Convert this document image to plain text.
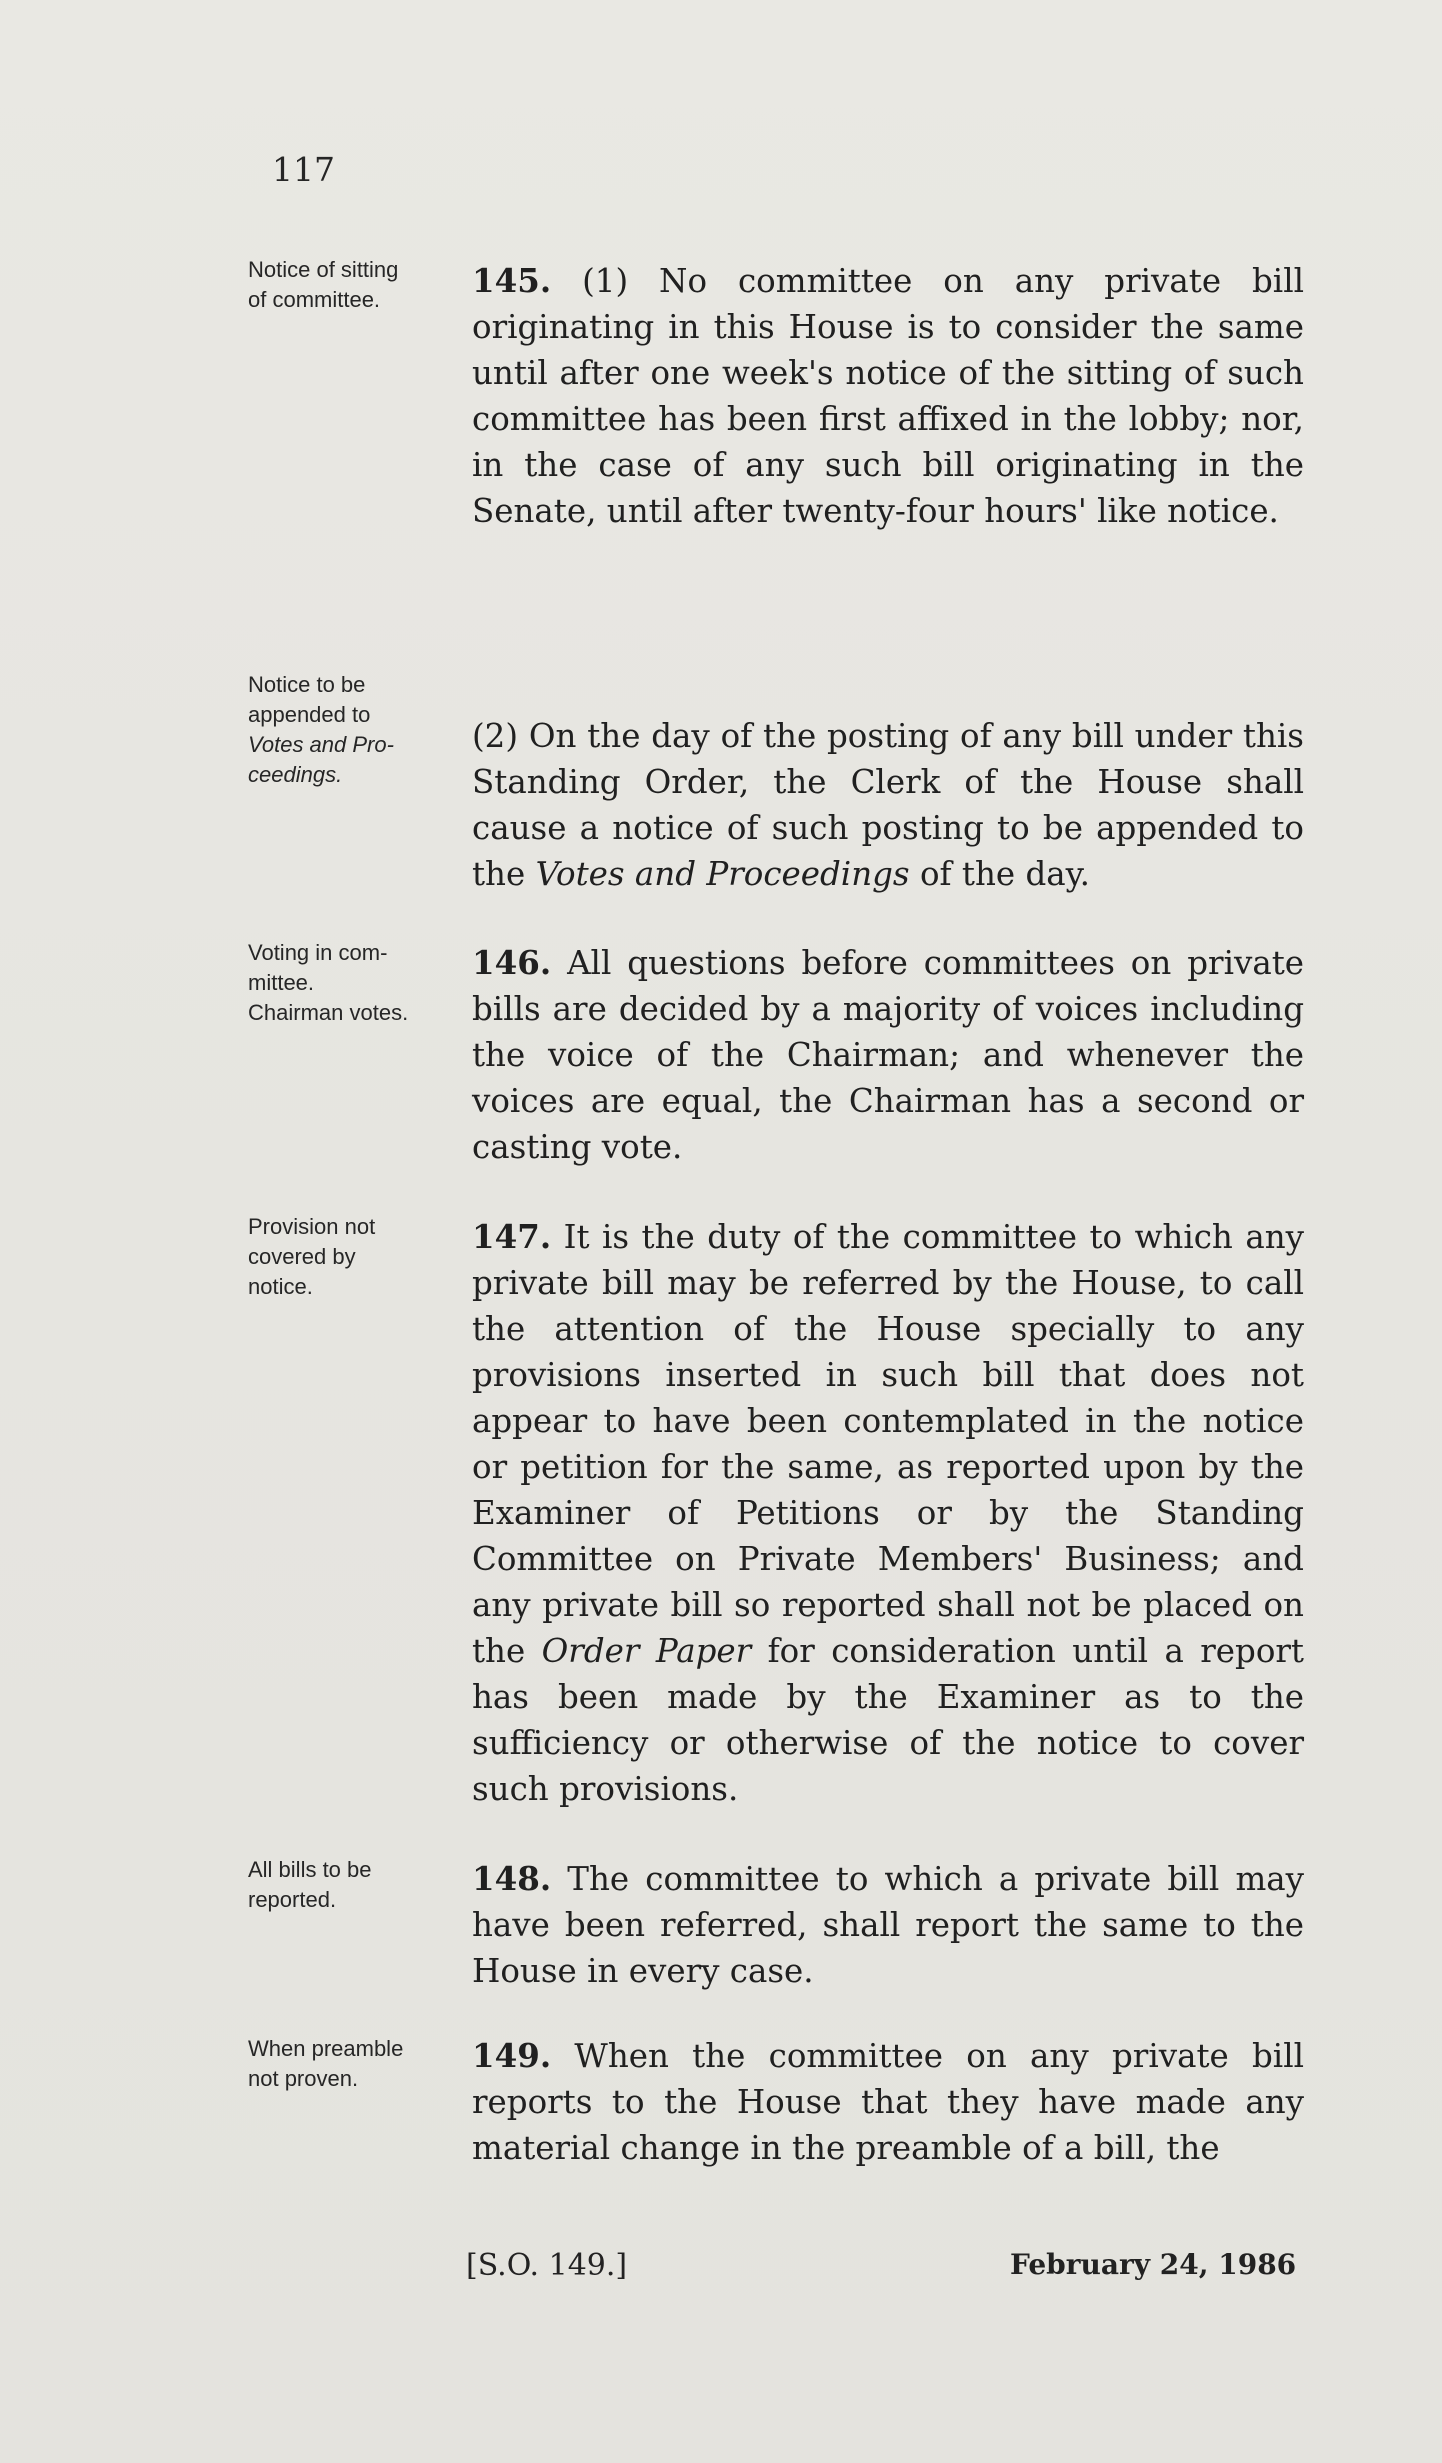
117
Notice of sitting
of committee.	145. (1) No committee on any private bill originating in this House is to consider the same until after one week's notice of the sitting of such committee has been first affixed in the lobby; nor, in the case of any such bill originating in the Senate, until after twenty-four hours' like notice.

Notice to be
appended to
Votes and Pro-
ceedings.

(2) On the day of the posting of any bill under this Standing Order, the Clerk of the House shall cause a notice of such posting to be appended to the Votes and Proceedings of the day.

Voting in com-
mittee.
Chairman votes.

146. All questions before committees on private bills are decided by a majority of voices including the voice of the Chairman; and whenever the voices are equal, the Chairman has a second or casting vote.

Provision not
covered by
notice.

147. It is the duty of the committee to which any private bill may be referred by the House, to call the attention of the House specially to any provisions inserted in such bill that does not appear to have been contemplated in the notice or petition for the same, as reported upon by the Examiner of Petitions or by the Standing Committee on Private Members' Business; and any private bill so reported shall not be placed on the Order Paper for consideration until a report has been made by the Examiner as to the sufficiency or otherwise of the notice to cover such provisions.

All bills to be
reported.

148. The committee to which a private bill may have been referred, shall report the same to the House in every case.

When preamble
not proven.

149. When the committee on any private bill reports to the House that they have made any material change in the preamble of a bill, the

[S.O. 149.]	February 24, 1986
